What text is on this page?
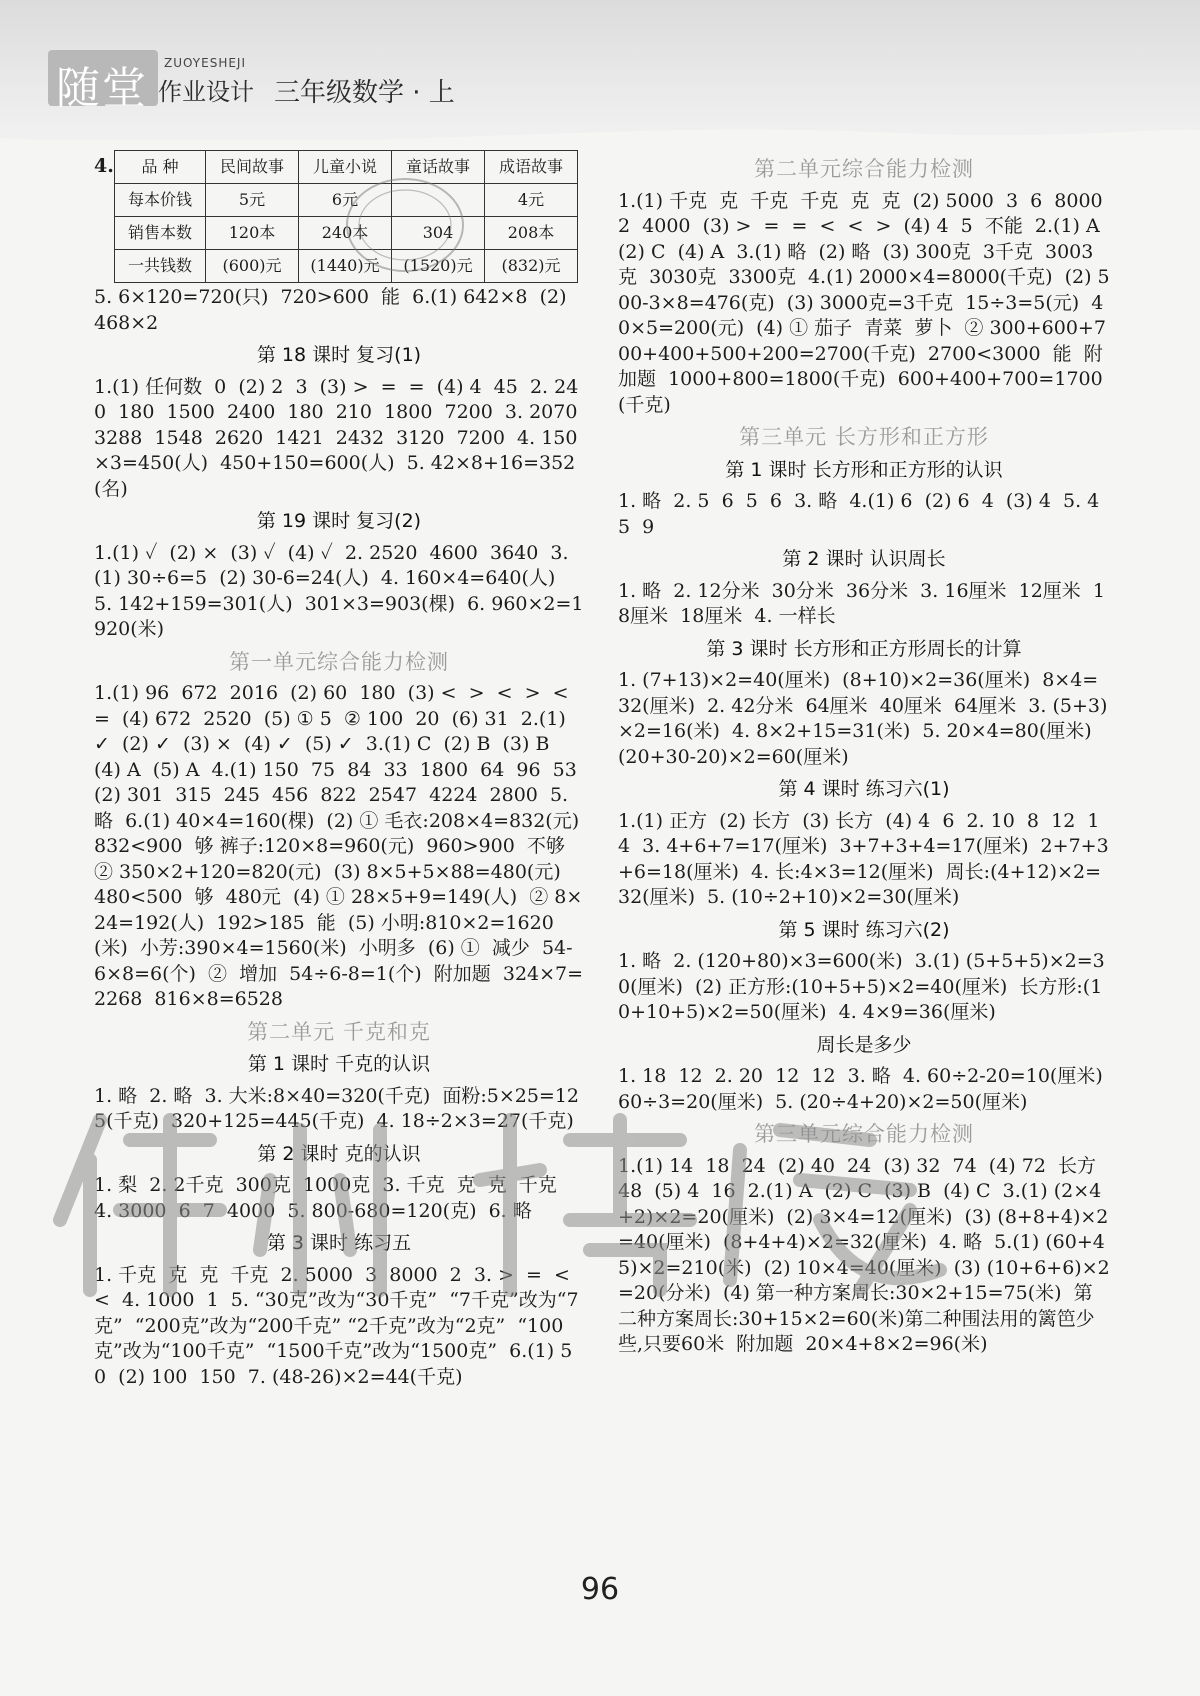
随堂 ZUOYESHEJI
作业设计 三年级数学 · 上
4. 品 种	民间故事	儿童小说	童话故事	成语故事
每本价钱	5元	6元		4元
销售本数	120本	240本	304	208本
一共钱数	(600)元	(1440)元	(1520)元	(832)元
5. 6×120=720(只)  720>600  能  6.(1) 642×8  (2) 468×2
第 18 课时 复习(1)
1.(1) 任何数  0  (2) 2  3  (3) >  =  =  (4) 4  45  2. 240  180  1500  2400  180  210  1800  7200  3. 2070  3288  1548  2620  1421  2432  3120  7200  4. 150×3=450(人)  450+150=600(人)  5. 42×8+16=352(名)
第 19 课时 复习(2)
1.(1) ✓  (2) ×  (3) ✓  (4) ✓  2. 2520  4600  3640  3.(1) 30÷6=5  (2) 30-6=24(人)  4. 160×4=640(人)  5. 142+159=301(人)  301×3=903(棵)  6. 960×2=1920(米)
第一单元综合能力检测
1.(1) 96  672  2016  (2) 60  180  (3) <  >  <  >  <  =  (4) 672  2520  (5) ① 5  ② 100  20  (6) 31  2.(1) ✓  (2) ✓  (3) ×  (4) ✓  (5) ✓  3.(1) C  (2) B  (3) B  (4) A  (5) A  4.(1) 150  75  84  33  1800  64  96  53  (2) 301  315  245  456  822  2547  4224  2800  5. 略  6.(1) 40×4=160(棵)  (2) ① 毛衣:208×4=832(元)  832<900  够 裤子:120×8=960(元)  960>900  不够  ② 350×2+120=820(元)  (3) 8×5+5×88=480(元)  480<500  够  480元  (4) ① 28×5+9=149(人)  ② 8×24=192(人)  192>185  能  (5) 小明:810×2=1620(米)  小芳:390×4=1560(米)  小明多  (6) ①  减少  54-6×8=6(个)  ②  增加  54÷6-8=1(个)  附加题  324×7=2268  816×8=6528
第二单元 千克和克
第 1 课时 千克的认识
1. 略  2. 略  3. 大米:8×40=320(千克)  面粉:5×25=125(千克)  320+125=445(千克)  4. 18÷2×3=27(千克)
第 2 课时 克的认识
1. 梨  2. 2千克  300克  1000克  3. 千克  克  克  千克  4. 3000  6  7  4000  5. 800-680=120(克)  6. 略
第 3 课时 练习五
1. 千克  克  克  千克  2. 5000  3  8000  2  3. >  =  <  <  4. 1000  1  5. “30克”改为“30千克”  “7千克”改为“7克”  “200克”改为“200千克” “2千克”改为“2克”  “100克”改为“100千克”  “1500千克”改为“1500克”  6.(1) 50  (2) 100  150  7. (48-26)×2=44(千克)
第二单元综合能力检测
1.(1) 千克  克  千克  千克  克  克  (2) 5000  3  6  8000  2  4000  (3) >  =  =  <  <  >  (4) 4  5  不能  2.(1) A  (2) C  (4) A  3.(1) 略  (2) 略  (3) 300克  3千克  3003克  3030克  3300克  4.(1) 2000×4=8000(千克)  (2) 500-3×8=476(克)  (3) 3000克=3千克  15÷3=5(元)  40×5=200(元)  (4) ① 茄子  青菜  萝卜  ② 300+600+700+400+500+200=2700(千克)  2700<3000  能  附加题  1000+800=1800(千克)  600+400+700=1700(千克)
第三单元 长方形和正方形
第 1 课时 长方形和正方形的认识
1. 略  2. 5  6  5  6  3. 略  4.(1) 6  (2) 6  4  (3) 4  5. 4  5  9
第 2 课时 认识周长
1. 略  2. 12分米  30分米  36分米  3. 16厘米  12厘米  18厘米  18厘米  4. 一样长
第 3 课时 长方形和正方形周长的计算
1. (7+13)×2=40(厘米)  (8+10)×2=36(厘米)  8×4=32(厘米)  2. 42分米  64厘米  40厘米  64厘米  3. (5+3)×2=16(米)  4. 8×2+15=31(米)  5. 20×4=80(厘米)  (20+30-20)×2=60(厘米)
第 4 课时 练习六(1)
1.(1) 正方  (2) 长方  (3) 长方  (4) 4  6  2. 10  8  12  14  3. 4+6+7=17(厘米)  3+7+3+4=17(厘米)  2+7+3+6=18(厘米)  4. 长:4×3=12(厘米)  周长:(4+12)×2=32(厘米)  5. (10÷2+10)×2=30(厘米)
第 5 课时 练习六(2)
1. 略  2. (120+80)×3=600(米)  3.(1) (5+5+5)×2=30(厘米)  (2) 正方形:(10+5+5)×2=40(厘米)  长方形:(10+10+5)×2=50(厘米)  4. 4×9=36(厘米)
周长是多少
1. 18  12  2. 20  12  12  3. 略  4. 60÷2-20=10(厘米)  60÷3=20(厘米)  5. (20÷4+20)×2=50(厘米)
第三单元综合能力检测
1.(1) 14  18  24  (2) 40  24  (3) 32  74  (4) 72  长方  48  (5) 4  16  2.(1) A  (2) C  (3) B  (4) C  3.(1) (2×4+2)×2=20(厘米)  (2) 3×4=12(厘米)  (3) (8+8+4)×2=40(厘米)  (8+4+4)×2=32(厘米)  4. 略  5.(1) (60+45)×2=210(米)  (2) 10×4=40(厘米)  (3) (10+6+6)×2=20(分米)  (4) 第一种方案周长:30×2+15=75(米)  第二种方案周长:30+15×2=60(米)第二种围法用的篱笆少些,只要60米  附加题  20×4+8×2=96(米)
96
